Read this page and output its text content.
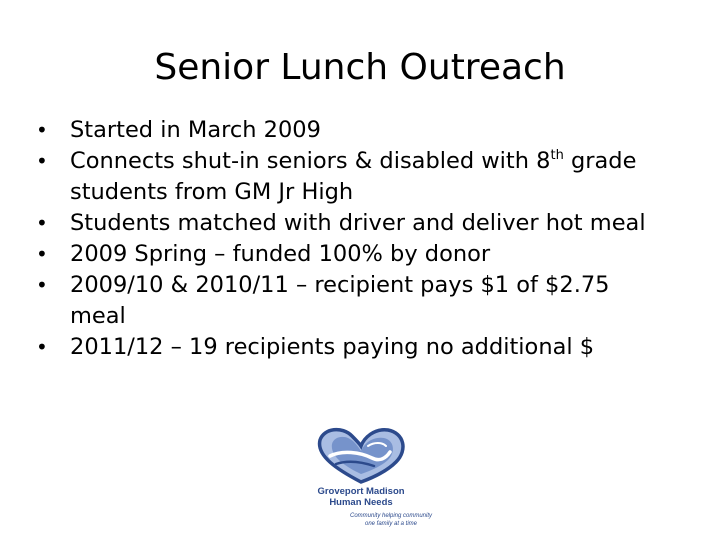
Senior Lunch Outreach
• Started in March 2009
• Connects shut-in seniors & disabled with 8th grade
students from GM Jr High
• Students matched with driver and deliver hot meal
• 2009 Spring – funded 100% by donor
• 2009/10 & 2010/11 – recipient pays $1 of $2.75
meal
• 2011/12 – 19 recipients paying no additional $
Groveport Madison
Human Needs
Community helping community
one family at a time
